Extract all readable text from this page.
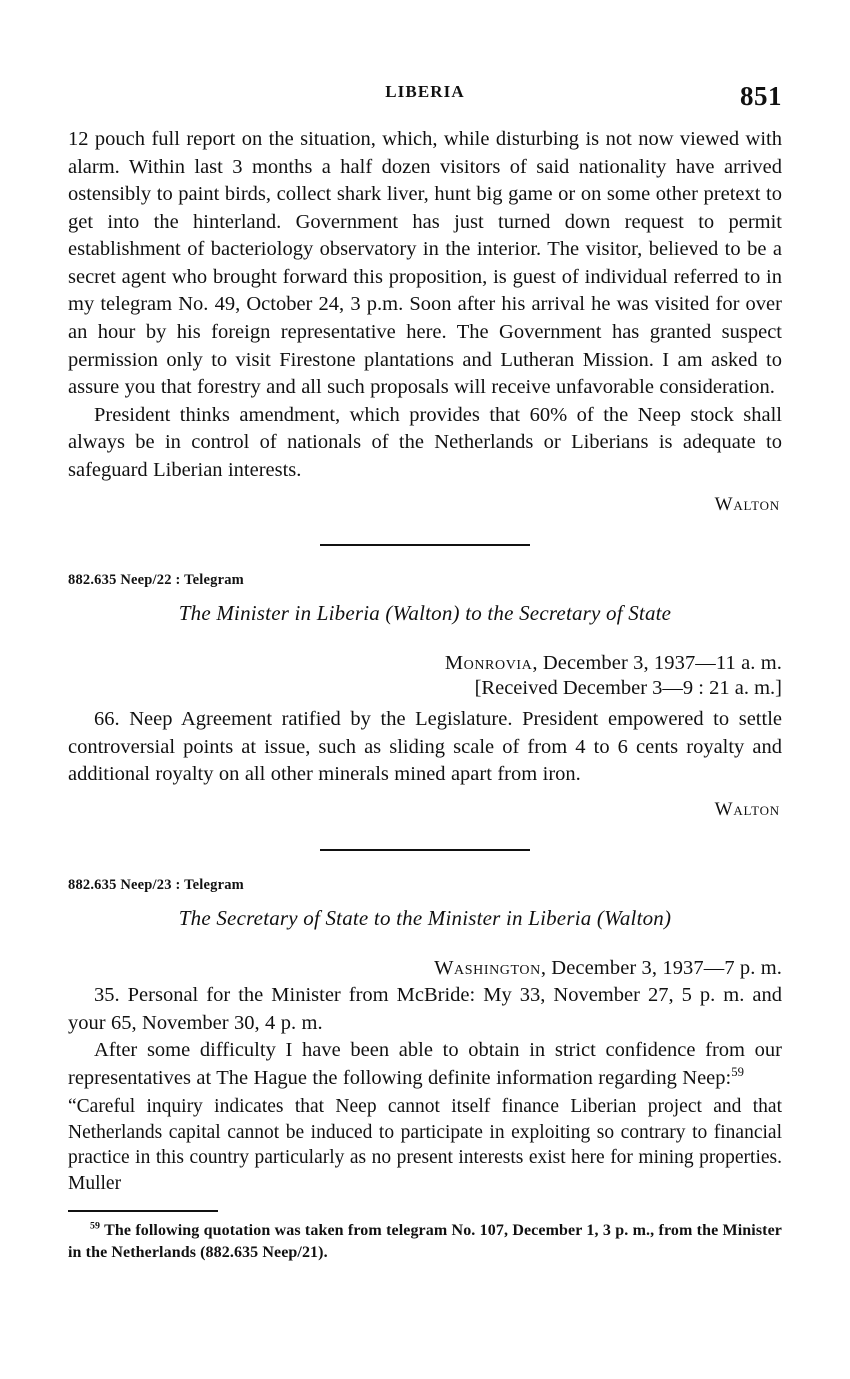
LIBERIA	851

12 pouch full report on the situation, which, while disturbing is not now viewed with alarm. Within last 3 months a half dozen visitors of said nationality have arrived ostensibly to paint birds, collect shark liver, hunt big game or on some other pretext to get into the hinterland. Government has just turned down request to permit establishment of bacteriology observatory in the interior. The visitor, believed to be a secret agent who brought forward this proposition, is guest of individual referred to in my telegram No. 49, October 24, 3 p.m. Soon after his arrival he was visited for over an hour by his foreign representative here. The Government has granted suspect permission only to visit Firestone plantations and Lutheran Mission. I am asked to assure you that forestry and all such proposals will receive unfavorable consideration.

President thinks amendment, which provides that 60% of the Neep stock shall always be in control of nationals of the Netherlands or Liberians is adequate to safeguard Liberian interests.

Walton
882.635 Neep/22 : Telegram
The Minister in Liberia (Walton) to the Secretary of State
Monrovia, December 3, 1937—11 a. m.
[Received December 3—9 : 21 a. m.]

66. Neep Agreement ratified by the Legislature. President empowered to settle controversial points at issue, such as sliding scale of from 4 to 6 cents royalty and additional royalty on all other minerals mined apart from iron.

Walton
882.635 Neep/23 : Telegram
The Secretary of State to the Minister in Liberia (Walton)
Washington, December 3, 1937—7 p. m.

35. Personal for the Minister from McBride: My 33, November 27, 5 p. m. and your 65, November 30, 4 p. m.

After some difficulty I have been able to obtain in strict confidence from our representatives at The Hague the following definite information regarding Neep:$^{59}$

“Careful inquiry indicates that Neep cannot itself finance Liberian project and that Netherlands capital cannot be induced to participate in exploiting so contrary to financial practice in this country particularly as no present interests exist here for mining properties. Muller

$^{59}$ The following quotation was taken from telegram No. 107, December 1, 3 p. m., from the Minister in the Netherlands (882.635 Neep/21).
